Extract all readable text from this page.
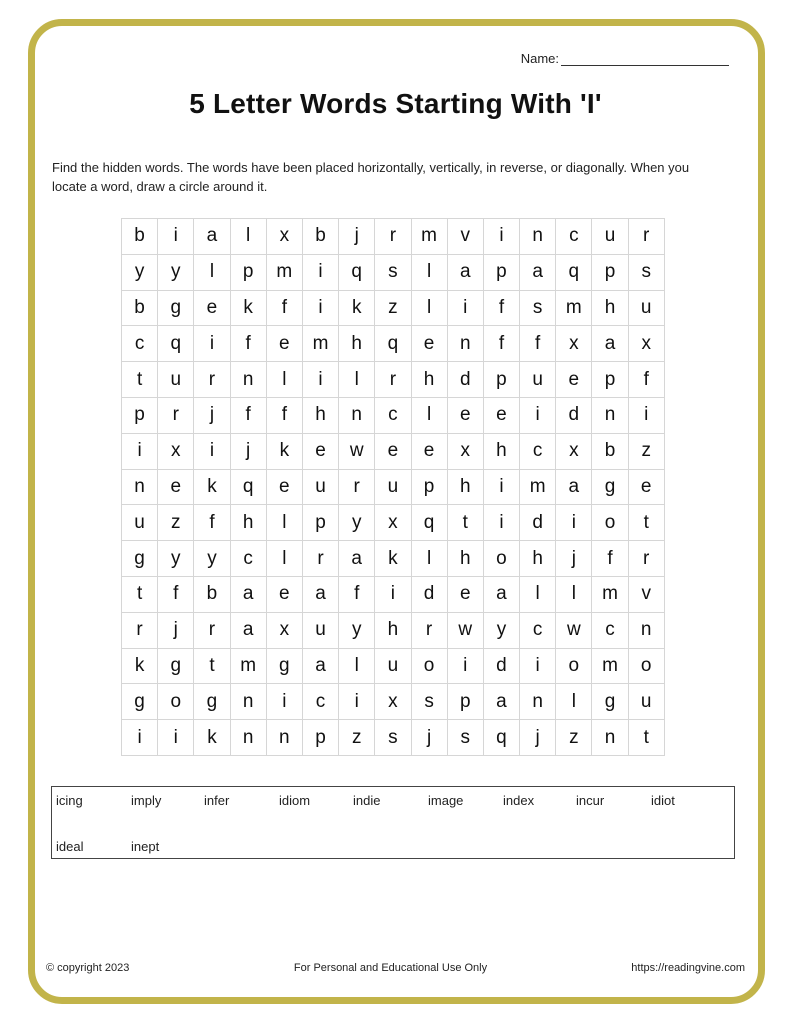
Name:
5 Letter Words Starting With 'I'
Find the hidden words. The words have been placed horizontally, vertically, in reverse, or diagonally. When you locate a word, draw a circle around it.
b	i	a	l	x	b	j	r	m	v	i	n	c	u	r
y	y	l	p	m	i	q	s	l	a	p	a	q	p	s
b	g	e	k	f	i	k	z	l	i	f	s	m	h	u
c	q	i	f	e	m	h	q	e	n	f	f	x	a	x
t	u	r	n	l	i	l	r	h	d	p	u	e	p	f
p	r	j	f	f	h	n	c	l	e	e	i	d	n	i
i	x	i	j	k	e	w	e	e	x	h	c	x	b	z
n	e	k	q	e	u	r	u	p	h	i	m	a	g	e
u	z	f	h	l	p	y	x	q	t	i	d	i	o	t
g	y	y	c	l	r	a	k	l	h	o	h	j	f	r
t	f	b	a	e	a	f	i	d	e	a	l	l	m	v
r	j	r	a	x	u	y	h	r	w	y	c	w	c	n
k	g	t	m	g	a	l	u	o	i	d	i	o	m	o
g	o	g	n	i	c	i	x	s	p	a	n	l	g	u
i	i	k	n	n	p	z	s	j	s	q	j	z	n	t
icing	imply	infer	idiom	indie	image	index	incur	idiot
ideal	inept
© copyright 2023	For Personal and Educational Use Only	https://readingvine.com
